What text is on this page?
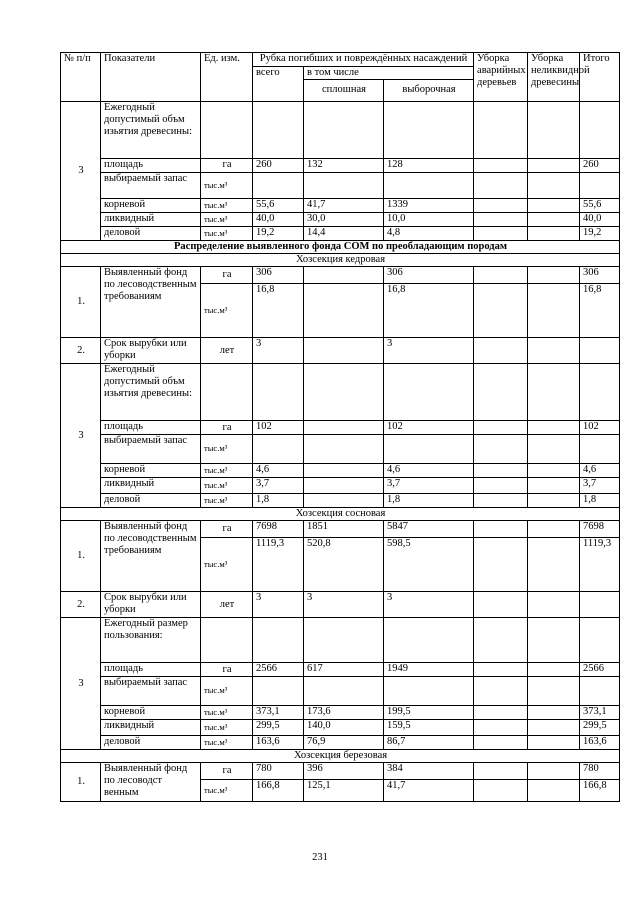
№ п/п	Показатели	Ед. изм.	Рубка погибших и повреждённых насаждений			Уборка аварийных деревьев	Уборка неликвидной древесины	Итого
			всего	в том числе				
				сплошная	выборочная			
3	Ежегодный допустимый объм изьятия древесины:							
	площадь	га	260	132	128			260
	выбираемый запас	тыс.м³						
	корневой	тыс.м³	55,6	41,7	1339			55,6
	ликвидный	тыс.м³	40,0	30,0	10,0			40,0
	деловой	тыс.м³	19,2	14,4	4,8			19,2
Распределение выявленного фонда СОМ по преобладающим породам								
Хозсекция кедровая								
1.	Выявленный фонд по лесоводственным требованиям	га	306		306			306
		тыс.м³	16,8		16,8			16,8
2.	Срок вырубки или уборки	лет	3		3			
3	Ежегодный допустимый объм изьятия древесины:							
	площадь	га	102		102			102
	выбираемый запас	тыс.м³						
	корневой	тыс.м³	4,6		4,6			4,6
	ликвидный	тыс.м³	3,7		3,7			3,7
	деловой	тыс.м³	1,8		1,8			1,8
Хозсекция сосновая								
1.	Выявленный фонд по лесоводственным требованиям	га	7698	1851	5847			7698
		тыс.м³	1119,3	520,8	598,5			1119,3
2.	Срок вырубки или уборки	лет	3	3	3			
3	Ежегодный размер пользования:							
	площадь	га	2566	617	1949			2566
	выбираемый запас	тыс.м³						
	корневой	тыс.м³	373,1	173,6	199,5			373,1
	ликвидный	тыс.м³	299,5	140,0	159,5			299,5
	деловой	тыс.м³	163,6	76,9	86,7			163,6
Хозсекция березовая								
1.	Выявленный фонд по лесоводст венным	га	780	396	384			780
		тыс.м³	166,8	125,1	41,7			166,8
231
